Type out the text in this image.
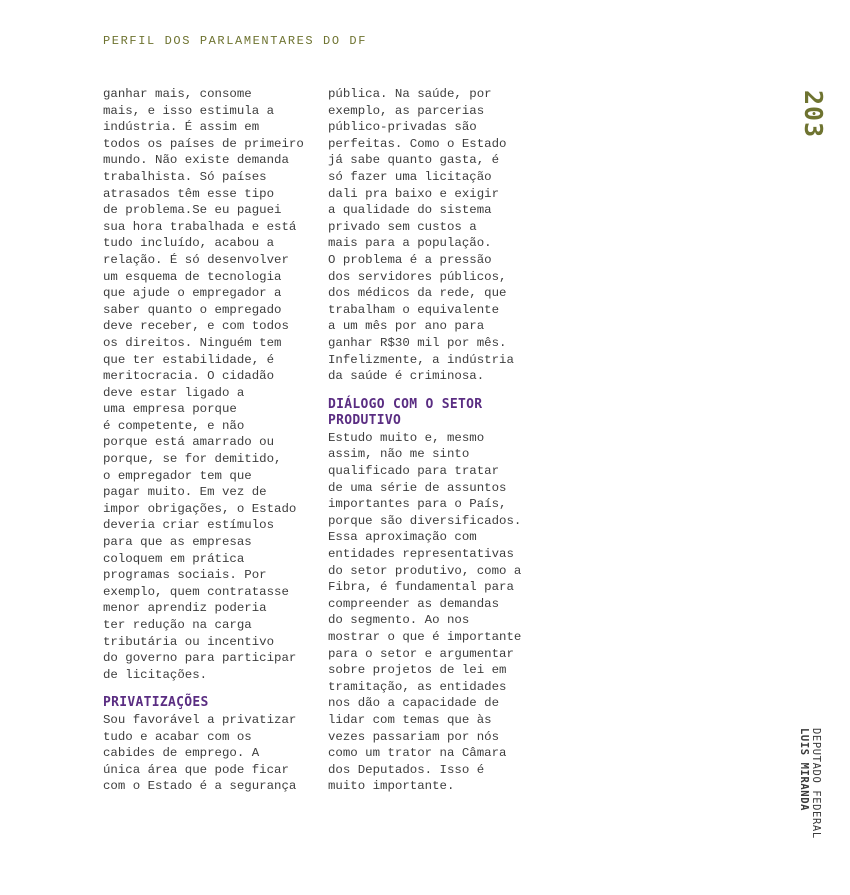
PERFIL DOS PARLAMENTARES DO DF
203
DEPUTADO FEDERAL
LUIS MIRANDA
ganhar mais, consome
mais, e isso estimula a
indústria. É assim em
todos os países de primeiro
mundo. Não existe demanda
trabalhista. Só países
atrasados têm esse tipo
de problema.Se eu paguei
sua hora trabalhada e está
tudo incluído, acabou a
relação. É só desenvolver
um esquema de tecnologia
que ajude o empregador a
saber quanto o empregado
deve receber, e com todos
os direitos. Ninguém tem
que ter estabilidade, é
meritocracia. O cidadão
deve estar ligado a
uma empresa porque
é competente, e não
porque está amarrado ou
porque, se for demitido,
o empregador tem que
pagar muito. Em vez de
impor obrigações, o Estado
deveria criar estímulos
para que as empresas
coloquem em prática
programas sociais. Por
exemplo, quem contratasse
menor aprendiz poderia
ter redução na carga
tributária ou incentivo
do governo para participar
de licitações.
PRIVATIZAÇÕES
Sou favorável a privatizar
tudo e acabar com os
cabides de emprego. A
única área que pode ficar
com o Estado é a segurança
pública. Na saúde, por
exemplo, as parcerias
público-privadas são
perfeitas. Como o Estado
já sabe quanto gasta, é
só fazer uma licitação
dali pra baixo e exigir
a qualidade do sistema
privado sem custos a
mais para a população.
O problema é a pressão
dos servidores públicos,
dos médicos da rede, que
trabalham o equivalente
a um mês por ano para
ganhar R$30 mil por mês.
Infelizmente, a indústria
da saúde é criminosa.
DIÁLOGO COM O SETOR
PRODUTIVO
Estudo muito e, mesmo
assim, não me sinto
qualificado para tratar
de uma série de assuntos
importantes para o País,
porque são diversificados.
Essa aproximação com
entidades representativas
do setor produtivo, como a
Fibra, é fundamental para
compreender as demandas
do segmento. Ao nos
mostrar o que é importante
para o setor e argumentar
sobre projetos de lei em
tramitação, as entidades
nos dão a capacidade de
lidar com temas que às
vezes passariam por nós
como um trator na Câmara
dos Deputados. Isso é
muito importante.
